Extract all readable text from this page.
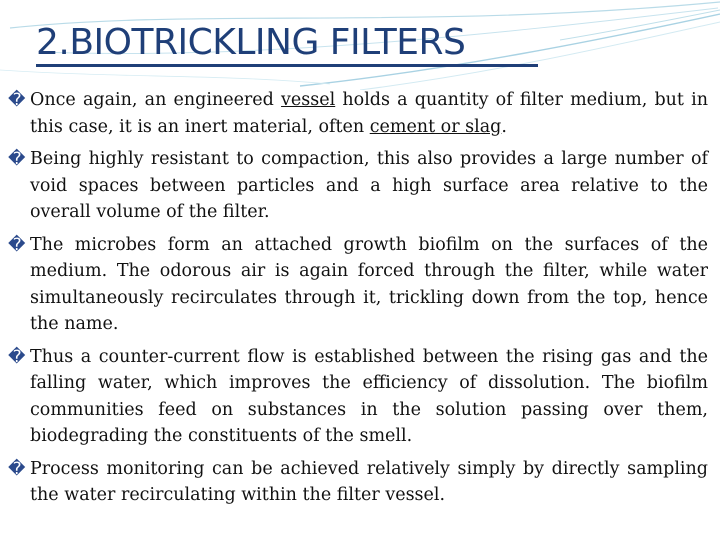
2.BIOTRICKLING FILTERS
� Once again, an engineered vessel holds a quantity of filter medium, but in this case, it is an inert material, often cement or slag.
� Being highly resistant to compaction, this also provides a large number of void spaces between particles and a high surface area relative to the overall volume of the filter.
� The microbes form an attached growth biofilm on the surfaces of the medium. The odorous air is again forced through the filter, while water simultaneously recirculates through it, trickling down from the top, hence the name.
� Thus a counter-current flow is established between the rising gas and the falling water, which improves the efficiency of dissolution. The biofilm communities feed on substances in the solution passing over them, biodegrading the constituents of the smell.
� Process monitoring can be achieved relatively simply by directly sampling the water recirculating within the filter vessel.
